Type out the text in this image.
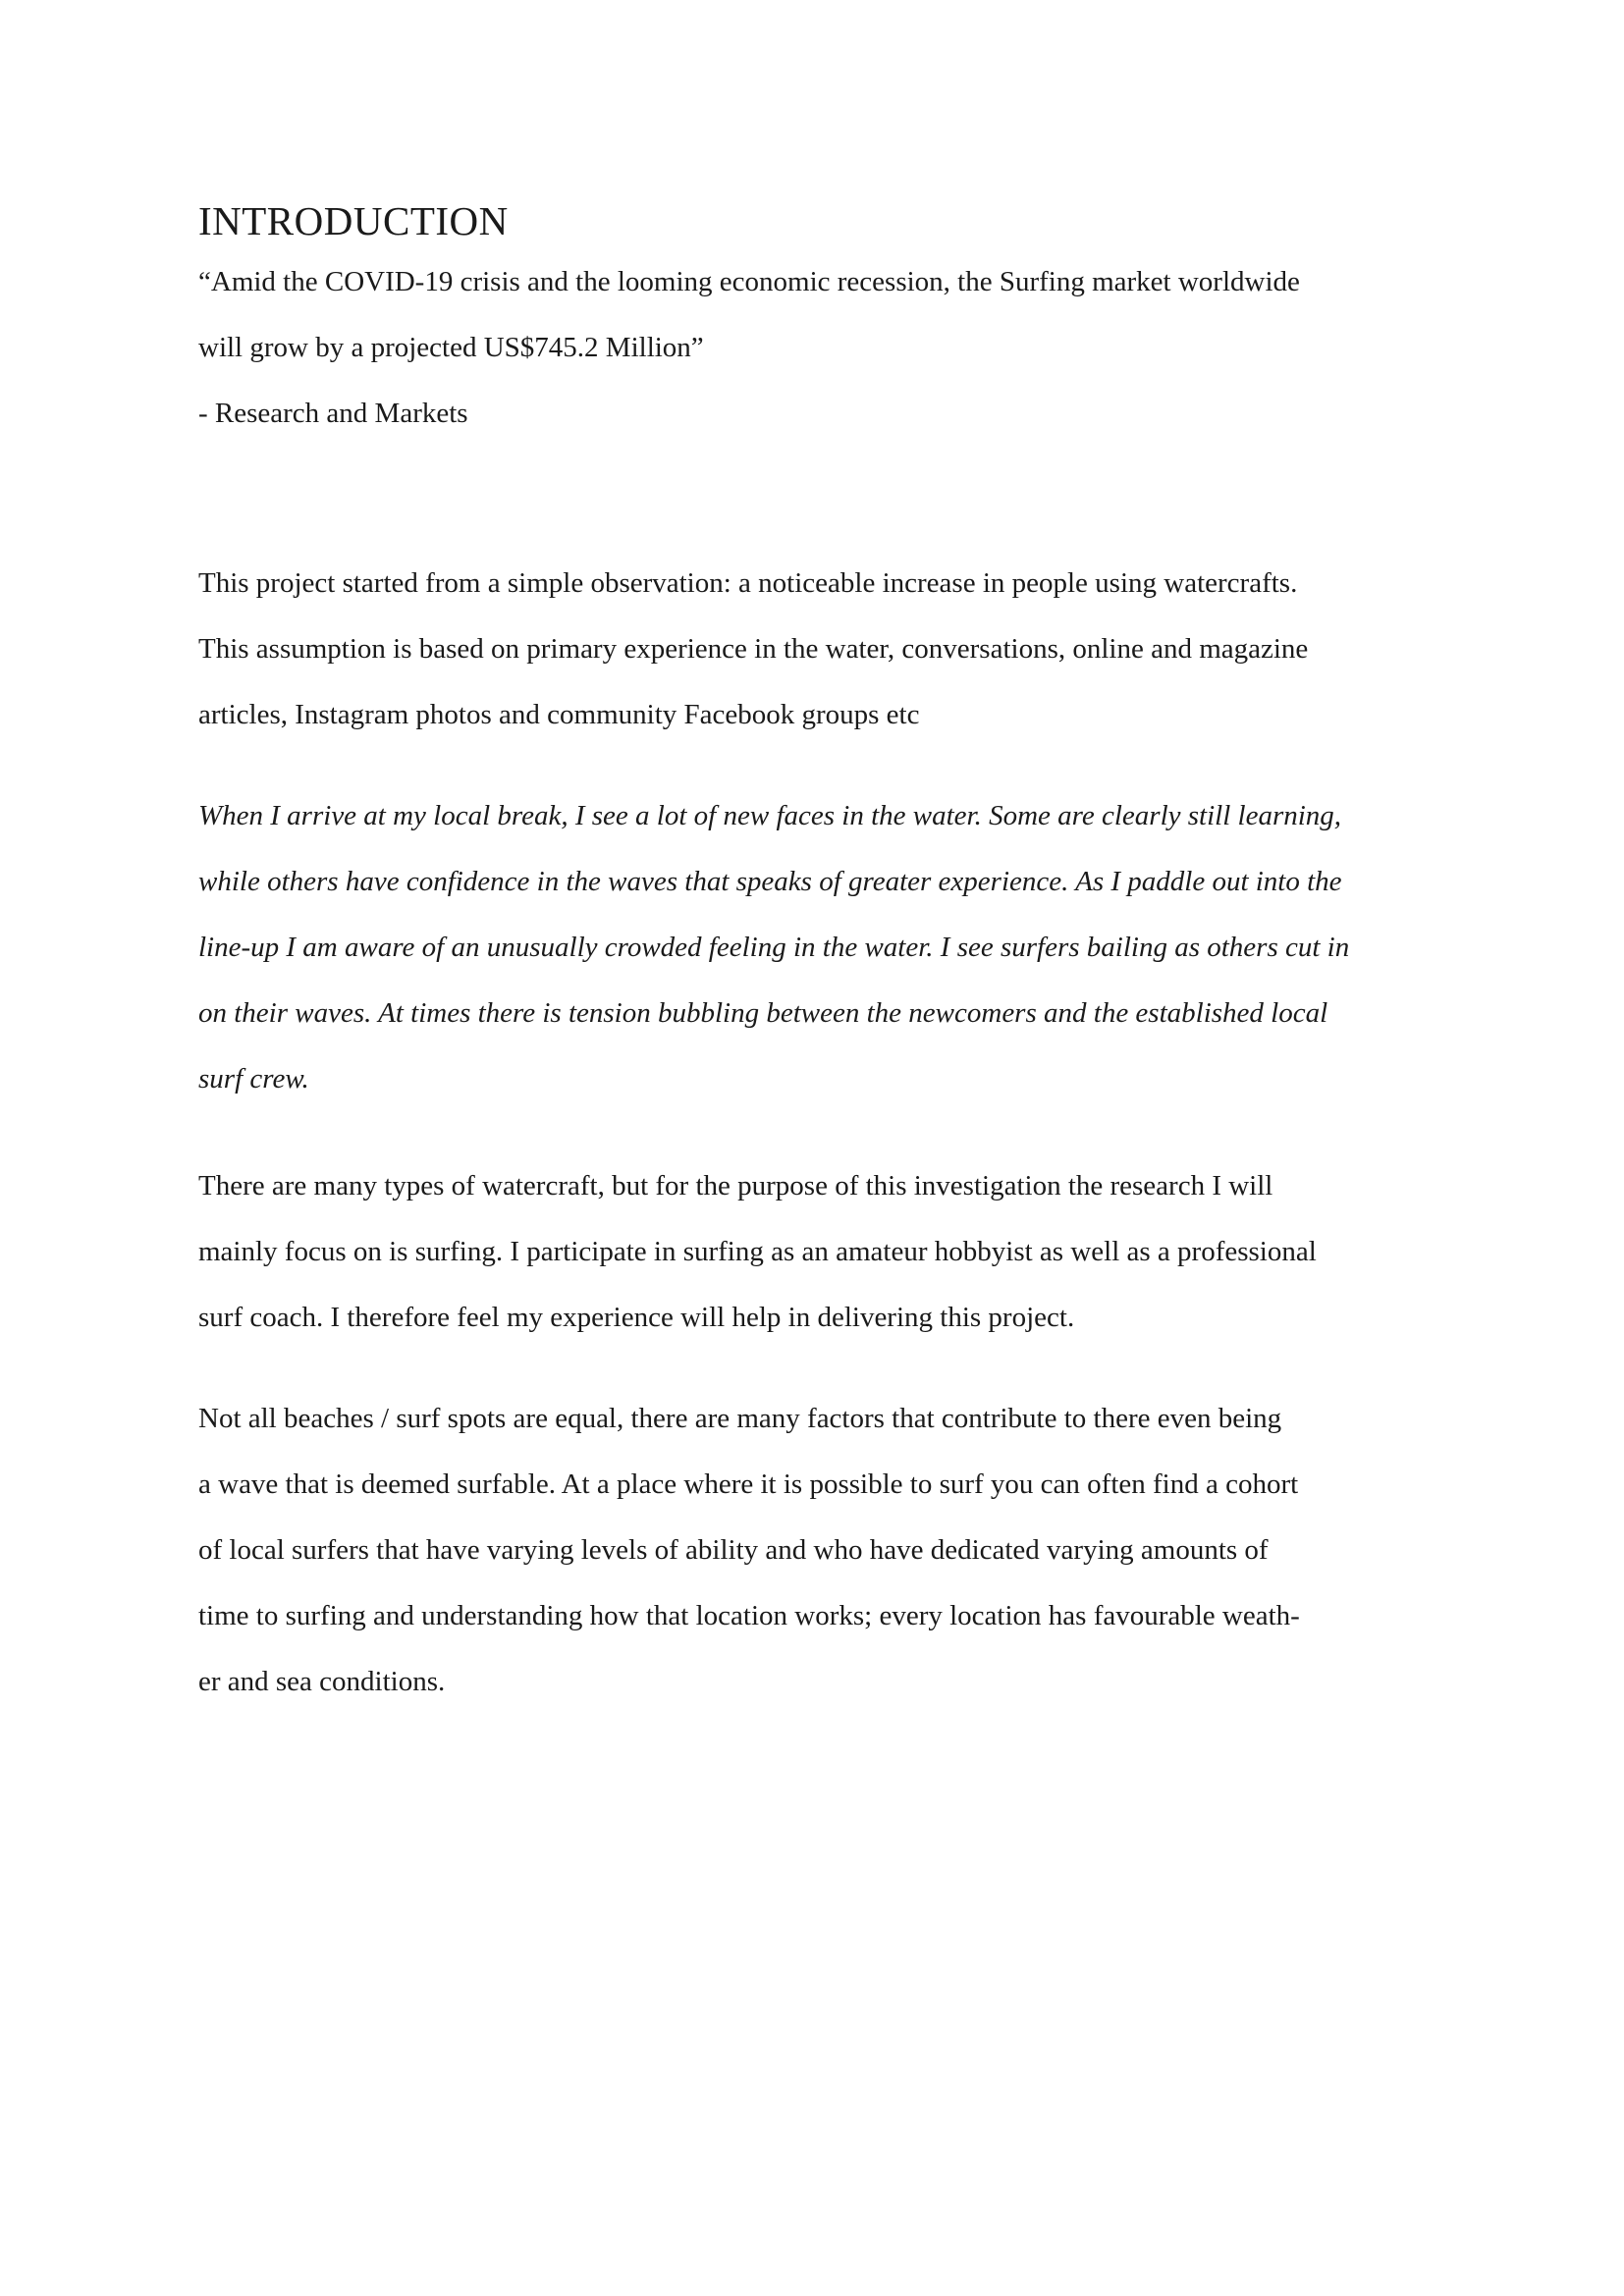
INTRODUCTION
“Amid the COVID-19 crisis and the looming economic recession, the Surfing market worldwide
will grow by a projected US$745.2 Million”
- Research and Markets
This project started from a simple observation: a noticeable increase in people using watercrafts.
This assumption is based on primary experience in the water, conversations, online and magazine
articles, Instagram photos and community Facebook groups etc
When I arrive at my local break, I see a lot of new faces in the water. Some are clearly still learning,
while others have confidence in the waves that speaks of greater experience. As I paddle out into the
line-up I am aware of an unusually crowded feeling in the water. I see surfers bailing as others cut in
on their waves. At times there is tension bubbling between the newcomers and the established local
surf crew.
There are many types of watercraft, but for the purpose of this investigation the research I will
mainly focus on is surfing. I participate in surfing as an amateur hobbyist as well as a professional
surf coach. I therefore feel my experience will help in delivering this project.
Not all beaches / surf spots are equal, there are many factors that contribute to there even being
a wave that is deemed surfable. At a place where it is possible to surf you can often find a cohort
of local surfers that have varying levels of ability and who have dedicated varying amounts of
time to surfing and understanding how that location works; every location has favourable weath-
er and sea conditions.
